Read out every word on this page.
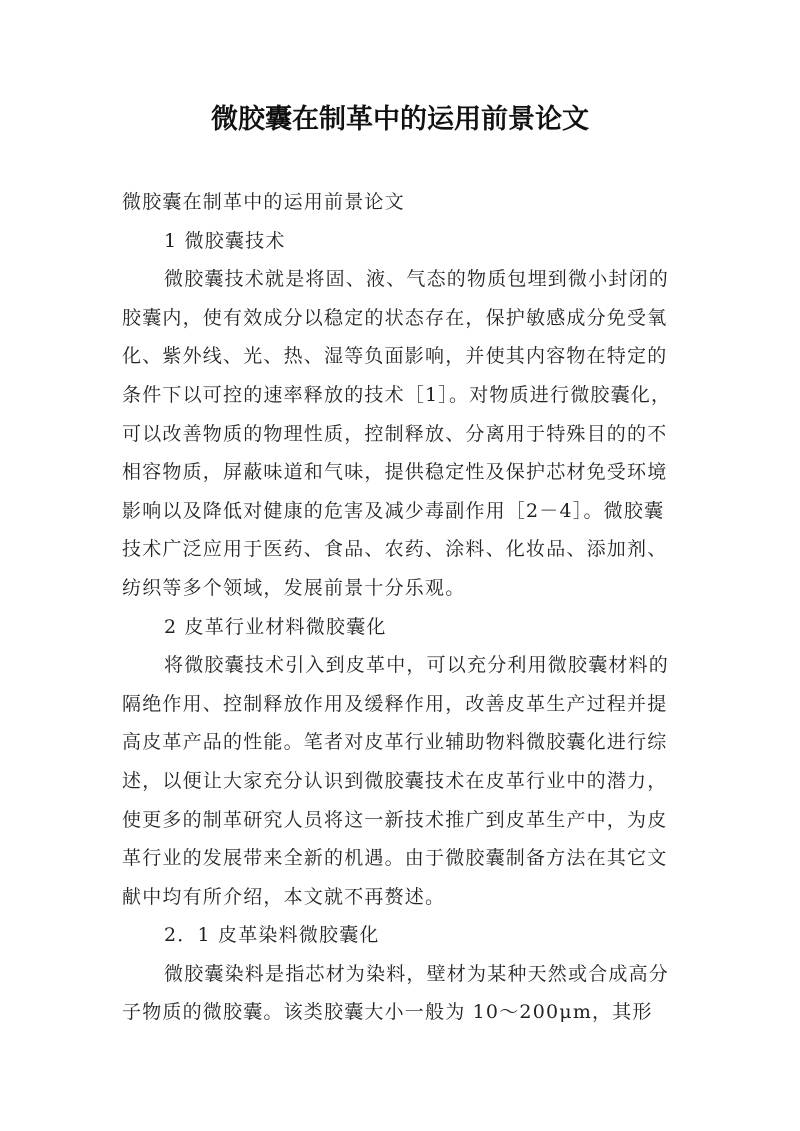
微胶囊在制革中的运用前景论文

微胶囊在制革中的运用前景论文

1 微胶囊技术

微胶囊技术就是将固、液、气态的物质包埋到微小封闭的胶囊内，使有效成分以稳定的状态存在，保护敏感成分免受氧化、紫外线、光、热、湿等负面影响，并使其内容物在特定的条件下以可控的速率释放的技术［1］。对物质进行微胶囊化，可以改善物质的物理性质，控制释放、分离用于特殊目的的不相容物质，屏蔽味道和气味，提供稳定性及保护芯材免受环境影响以及降低对健康的危害及减少毒副作用［2－4］。微胶囊技术广泛应用于医药、食品、农药、涂料、化妆品、添加剂、纺织等多个领域，发展前景十分乐观。

2 皮革行业材料微胶囊化

将微胶囊技术引入到皮革中，可以充分利用微胶囊材料的隔绝作用、控制释放作用及缓释作用，改善皮革生产过程并提高皮革产品的性能。笔者对皮革行业辅助物料微胶囊化进行综述，以便让大家充分认识到微胶囊技术在皮革行业中的潜力，使更多的制革研究人员将这一新技术推广到皮革生产中，为皮革行业的发展带来全新的机遇。由于微胶囊制备方法在其它文献中均有所介绍，本文就不再赘述。

2．1 皮革染料微胶囊化

微胶囊染料是指芯材为染料，壁材为某种天然或合成高分子物质的微胶囊。该类胶囊大小一般为 10～200μm，其形
